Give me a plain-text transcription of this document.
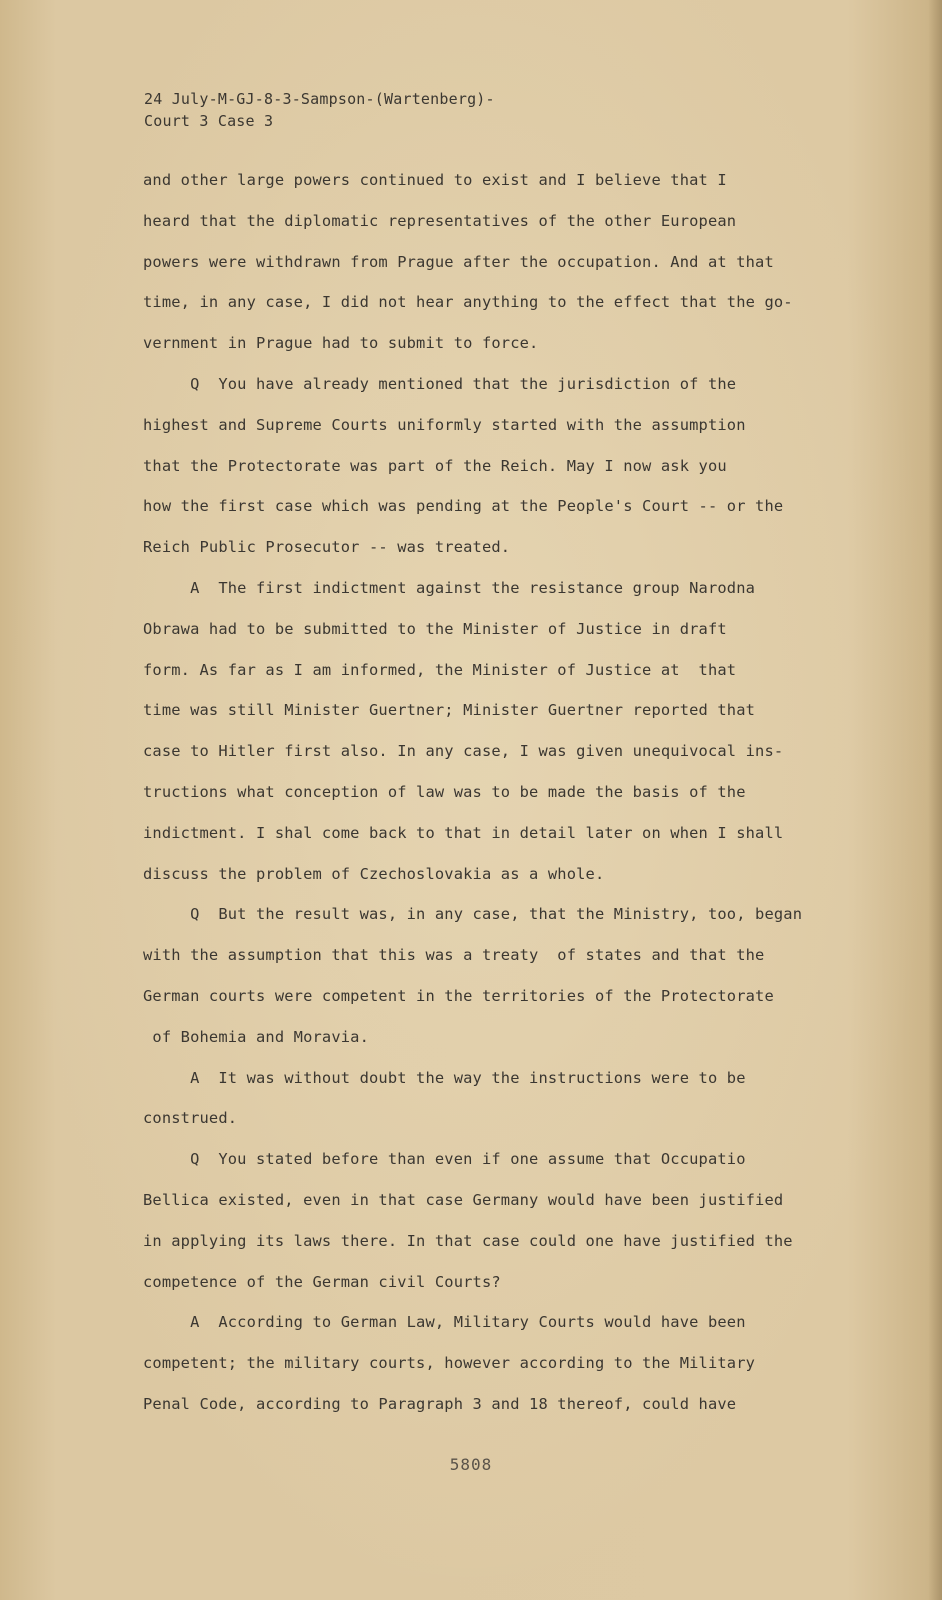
24 July-M-GJ-8-3-Sampson-(Wartenberg)-
Court 3 Case 3
and other large powers continued to exist and I believe that I
heard that the diplomatic representatives of the other European
powers were withdrawn from Prague after the occupation. And at that
time, in any case, I did not hear anything to the effect that the go-
vernment in Prague had to submit to force.
Q  You have already mentioned that the jurisdiction of the
highest and Supreme Courts uniformly started with the assumption
that the Protectorate was part of the Reich. May I now ask you
how the first case which was pending at the People's Court -- or the
Reich Public Prosecutor -- was treated.
A  The first indictment against the resistance group Narodna
Obrawa had to be submitted to the Minister of Justice in draft
form. As far as I am informed, the Minister of Justice at  that
time was still Minister Guertner; Minister Guertner reported that
case to Hitler first also. In any case, I was given unequivocal ins-
tructions what conception of law was to be made the basis of the
indictment. I shal come back to that in detail later on when I shall
discuss the problem of Czechoslovakia as a whole.
Q  But the result was, in any case, that the Ministry, too, began
with the assumption that this was a treaty  of states and that the
German courts were competent in the territories of the Protectorate
of Bohemia and Moravia.
A  It was without doubt the way the instructions were to be
construed.
Q  You stated before than even if one assume that Occupatio
Bellica existed, even in that case Germany would have been justified
in applying its laws there. In that case could one have justified the
competence of the German civil Courts?
A  According to German Law, Military Courts would have been
competent; the military courts, however according to the Military
Penal Code, according to Paragraph 3 and 18 thereof, could have
5808
